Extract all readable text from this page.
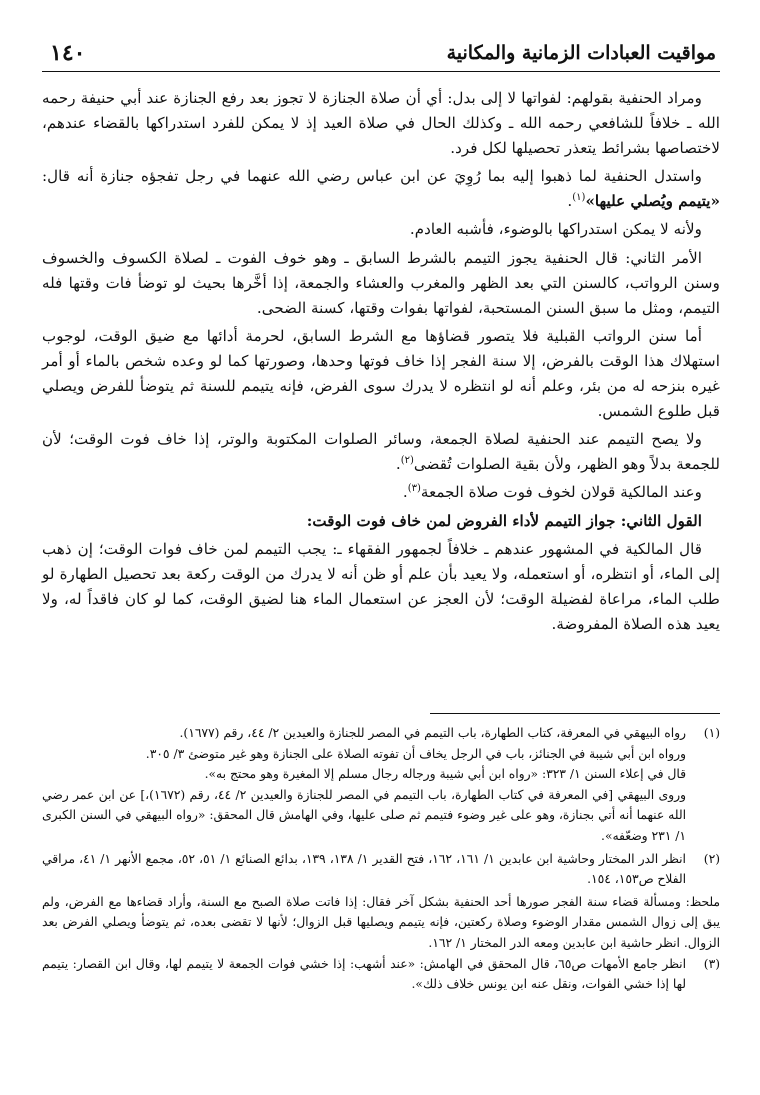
١٤٠	مواقيت العبادات الزمانية والمكانية

ومراد الحنفية بقولهم: لفواتها لا إلى بدل: أي أن صلاة الجنازة لا تجوز بعد رفع الجنازة عند أبي حنيفة رحمه الله ـ خلافاً للشافعي رحمه الله ـ وكذلك الحال في صلاة العيد إذ لا يمكن للفرد استدراكها بالقضاء عندهم، لاختصاصها بشرائط يتعذر تحصيلها لكل فرد.

واستدل الحنفية لما ذهبوا إليه بما رُوِيَ عن ابن عباس رضي الله عنهما في رجل تفجؤه جنازة أنه قال: «يتيمم ويُصلي عليها»$^{(١)}$.

ولأنه لا يمكن استدراكها بالوضوء، فأشبه العادم.

الأمر الثاني: قال الحنفية يجوز التيمم بالشرط السابق ـ وهو خوف الفوت ـ لصلاة الكسوف والخسوف وسنن الرواتب، كالسنن التي بعد الظهر والمغرب والعشاء والجمعة، إذا أخَّرها بحيث لو توضأ فات وقتها فله التيمم، ومثل ما سبق السنن المستحبة، لفواتها بفوات وقتها، كسنة الضحى.

أما سنن الرواتب القبلية فلا يتصور قضاؤها مع الشرط السابق، لحرمة أدائها مع ضيق الوقت، لوجوب استهلاك هذا الوقت بالفرض، إلا سنة الفجر إذا خاف فوتها وحدها، وصورتها كما لو وعده شخص بالماء أو أمر غيره بنزحه له من بئر، وعلم أنه لو انتظره لا يدرك سوى الفرض، فإنه يتيمم للسنة ثم يتوضأ للفرض ويصلي قبل طلوع الشمس.

ولا يصح التيمم عند الحنفية لصلاة الجمعة، وسائر الصلوات المكتوبة والوتر، إذا خاف فوت الوقت؛ لأن للجمعة بدلاً وهو الظهر، ولأن بقية الصلوات تُقضى$^{(٢)}$.

وعند المالكية قولان لخوف فوت صلاة الجمعة$^{(٣)}$.

القول الثاني: جواز التيمم لأداء الفروض لمن خاف فوت الوقت:

قال المالكية في المشهور عندهم ـ خلافاً لجمهور الفقهاء ـ: يجب التيمم لمن خاف فوات الوقت؛ إن ذهب إلى الماء، أو انتظره، أو استعمله، ولا يعيد بأن علم أو ظن أنه لا يدرك من الوقت ركعة بعد تحصيل الطهارة لو طلب الماء، مراعاة لفضيلة الوقت؛ لأن العجز عن استعمال الماء هنا لضيق الوقت، كما لو كان فاقداً له، ولا يعيد هذه الصلاة المفروضة.

(١)
رواه البيهقي في المعرفة، كتاب الطهارة، باب التيمم في المصر للجنازة والعيدين ٢/ ٤٤، رقم (١٦٧٧).
ورواه ابن أبي شيبة في الجنائز، باب في الرجل يخاف أن تفوته الصلاة على الجنازة وهو غير متوضئ ٣/ ٣٠٥.
قال في إعلاء السنن ١/ ٣٢٣: «رواه ابن أبي شيبة ورجاله رجال مسلم إلا المغيرة وهو محتج به».
وروى البيهقي [في المعرفة في كتاب الطهارة، باب التيمم في المصر للجنازة والعيدين ٢/ ٤٤، رقم (١٦٧٢)،] عن ابن عمر رضي الله عنهما أنه أتي بجنازة، وهو على غير وضوء فتيمم ثم صلى عليها، وفي الهامش قال المحقق: «رواه البيهقي في السنن الكبرى ١/ ٢٣١ وضعّفه».
(٢)
انظر الدر المختار وحاشية ابن عابدين ١/ ١٦١، ١٦٢، فتح القدير ١/ ١٣٨، ١٣٩، بدائع الصنائع ١/ ٥١، ٥٢، مجمع الأنهر ١/ ٤١، مراقي الفلاح ص١٥٣، ١٥٤.
ملحظ: ومسألة قضاء سنة الفجر صورها أحد الحنفية بشكل آخر فقال: إذا فاتت صلاة الصبح مع السنة، وأراد قضاءها مع الفرض، ولم يبق إلى زوال الشمس مقدار الوضوء وصلاة ركعتين، فإنه يتيمم ويصليها قبل الزوال؛ لأنها لا تقضى بعده، ثم يتوضأ ويصلي الفرض بعد الزوال. انظر حاشية ابن عابدين ومعه الدر المختار ١/ ١٦٢.
(٣)
انظر جامع الأمهات ص٦٥، قال المحقق في الهامش: «عند أشهب: إذا خشي فوات الجمعة لا يتيمم لها، وقال ابن القصار: يتيمم لها إذا خشي الفوات، ونقل عنه ابن يونس خلاف ذلك».
